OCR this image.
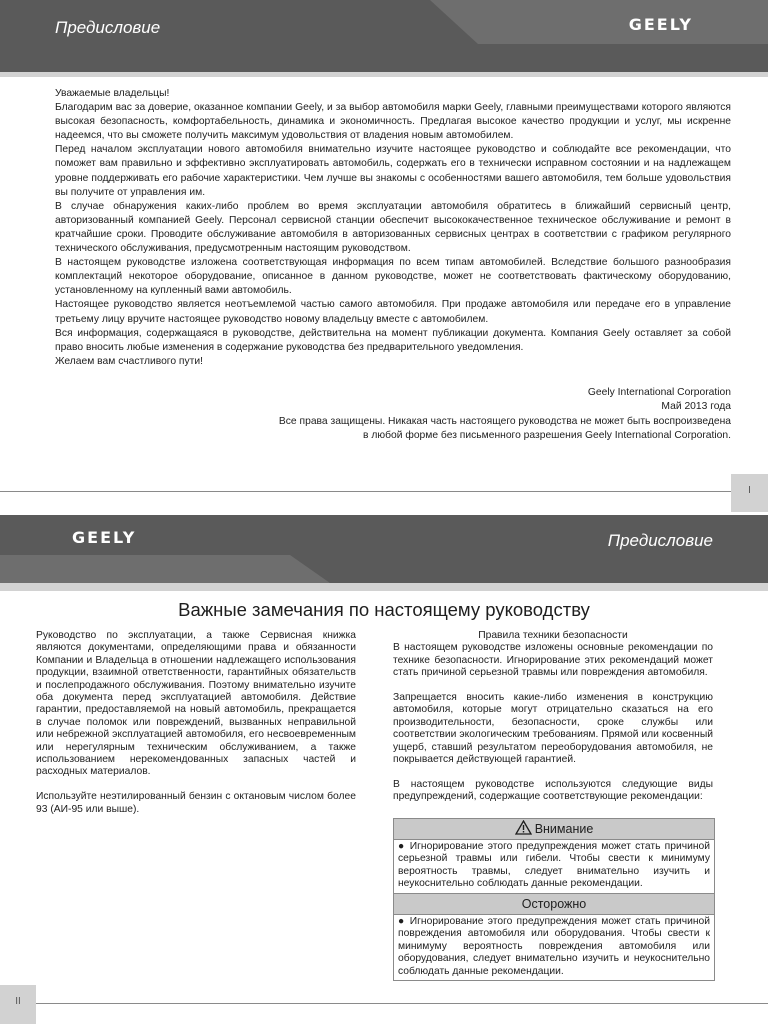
Предисловие	GEELY

Уважаемые владельцы!

Благодарим вас за доверие, оказанное компании Geely, и за выбор автомобиля марки Geely, главными преимуществами которого являются высокая безопасность, комфортабельность, динамика и экономичность. Предлагая высокое качество продукции и услуг, мы искренне надеемся, что вы сможете получить максимум удовольствия от владения новым автомобилем.

Перед началом эксплуатации нового автомобиля внимательно изучите настоящее руководство и соблюдайте все рекомендации, что поможет вам правильно и эффективно эксплуатировать автомобиль, содержать его в технически исправном состоянии и на надлежащем уровне поддерживать его рабочие характеристики. Чем лучше вы знакомы с особенностями вашего автомобиля, тем больше удовольствия вы получите от управления им.

В случае обнаружения каких-либо проблем во время эксплуатации автомобиля обратитесь в ближайший сервисный центр, авторизованный компанией Geely. Персонал сервисной станции обеспечит высококачественное техническое обслуживание и ремонт в кратчайшие сроки. Проводите обслуживание автомобиля в авторизованных сервисных центрах в соответствии с графиком регулярного технического обслуживания, предусмотренным настоящим руководством.

В настоящем руководстве изложена соответствующая информация по всем типам автомобилей. Вследствие большого разнообразия комплектаций некоторое оборудование, описанное в данном руководстве, может не соответствовать фактическому оборудованию, установленному на купленный вами автомобиль.

Настоящее руководство является неотъемлемой частью самого автомобиля. При продаже автомобиля или передаче его в управление третьему лицу вручите настоящее руководство новому владельцу вместе с автомобилем.

Вся информация, содержащаяся в руководстве, действительна на момент публикации документа. Компания Geely оставляет за собой право вносить любые изменения в содержание руководства без предварительного уведомления.

Желаем вам счастливого пути!

Geely International Corporation
Май 2013 года
Все права защищены. Никакая часть настоящего руководства не может быть воспроизведена
в любой форме без письменного разрешения Geely International Corporation.
I
GEELY	Предисловие
Важные замечания по настоящему руководству

Руководство по эксплуатации, а также Сервисная книжка являются документами, определяющими права и обязанности Компании и Владельца в отношении надлежащего использования продукции, взаимной ответственности, гарантийных обязательств и послепродажного обслуживания. Поэтому внимательно изучите оба документа перед эксплуатацией автомобиля. Действие гарантии, предоставляемой на новый автомобиль, прекращается в случае поломок или повреждений, вызванных неправильной или небрежной эксплуатацией автомобиля, его несвоевременным или нерегулярным техническим обслуживанием, а также использованием нерекомендованных запасных частей и расходных материалов.

Используйте неэтилированный бензин с октановым числом более 93 (АИ-95 или выше).

Правила техники безопасности

В настоящем руководстве изложены основные рекомендации по технике безопасности. Игнорирование этих рекомендаций может стать причиной серьезной травмы или повреждения автомобиля.

Запрещается вносить какие-либо изменения в конструкцию автомобиля, которые могут отрицательно сказаться на его производительности, безопасности, сроке службы или соответствии экологическим требованиям. Прямой или косвенный ущерб, ставший результатом переоборудования автомобиля, не покрывается действующей гарантией.

В настоящем руководстве используются следующие виды предупреждений, содержащие соответствующие рекомендации:

Внимание
● Игнорирование этого предупреждения может стать причиной серьезной травмы или гибели. Чтобы свести к минимуму вероятность травмы, следует внимательно изучить и неукоснительно соблюдать данные рекомендации.
Осторожно
● Игнорирование этого предупреждения может стать причиной повреждения автомобиля или оборудования. Чтобы свести к минимуму вероятность повреждения автомобиля или оборудования, следует внимательно изучить и неукоснительно соблюдать данные рекомендации.
II
